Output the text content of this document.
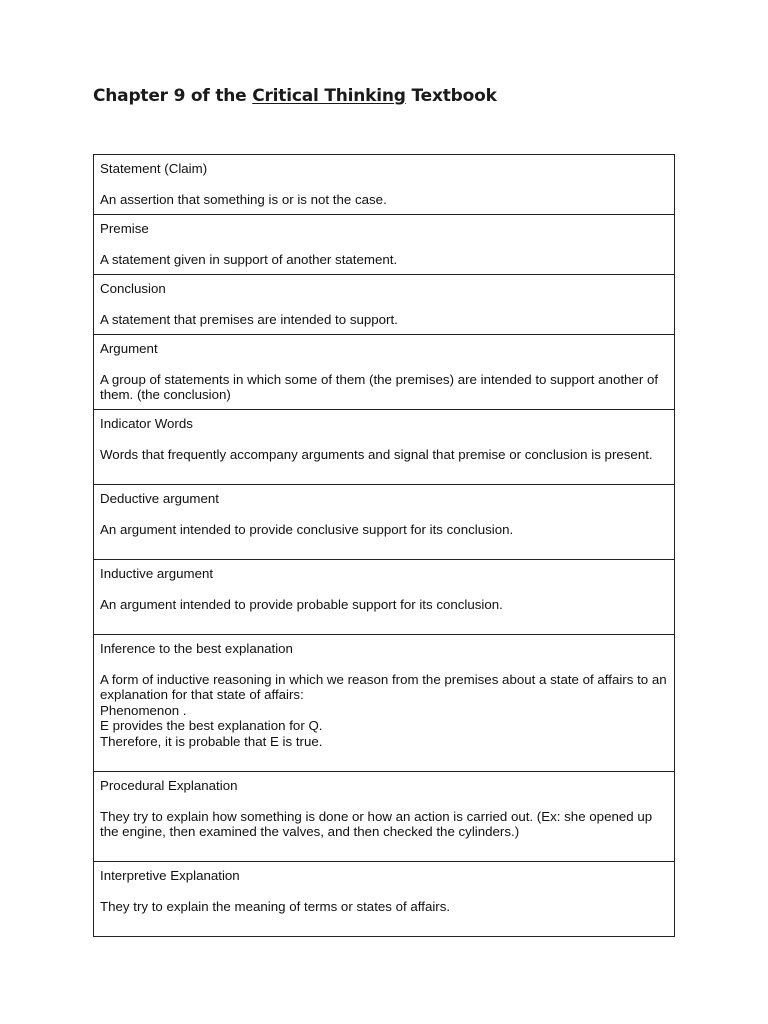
Chapter 9 of the Critical Thinking Textbook

Statement (Claim)

An assertion that something is or is not the case.

Premise

A statement given in support of another statement.

Conclusion

A statement that premises are intended to support.

Argument

A group of statements in which some of them (the premises) are intended to support another of them. (the conclusion)

Indicator Words

Words that frequently accompany arguments and signal that premise or conclusion is present.

Deductive argument

An argument intended to provide conclusive support for its conclusion.

Inductive argument

An argument intended to provide probable support for its conclusion.

Inference to the best explanation

A form of inductive reasoning in which we reason from the premises about a state of affairs to an explanation for that state of affairs:

Phenomenon .

E provides the best explanation for Q.

Therefore, it is probable that E is true.

Procedural Explanation

They try to explain how something is done or how an action is carried out. (Ex: she opened up the engine, then examined the valves, and then checked the cylinders.)

Interpretive Explanation

They try to explain the meaning of terms or states of affairs.
